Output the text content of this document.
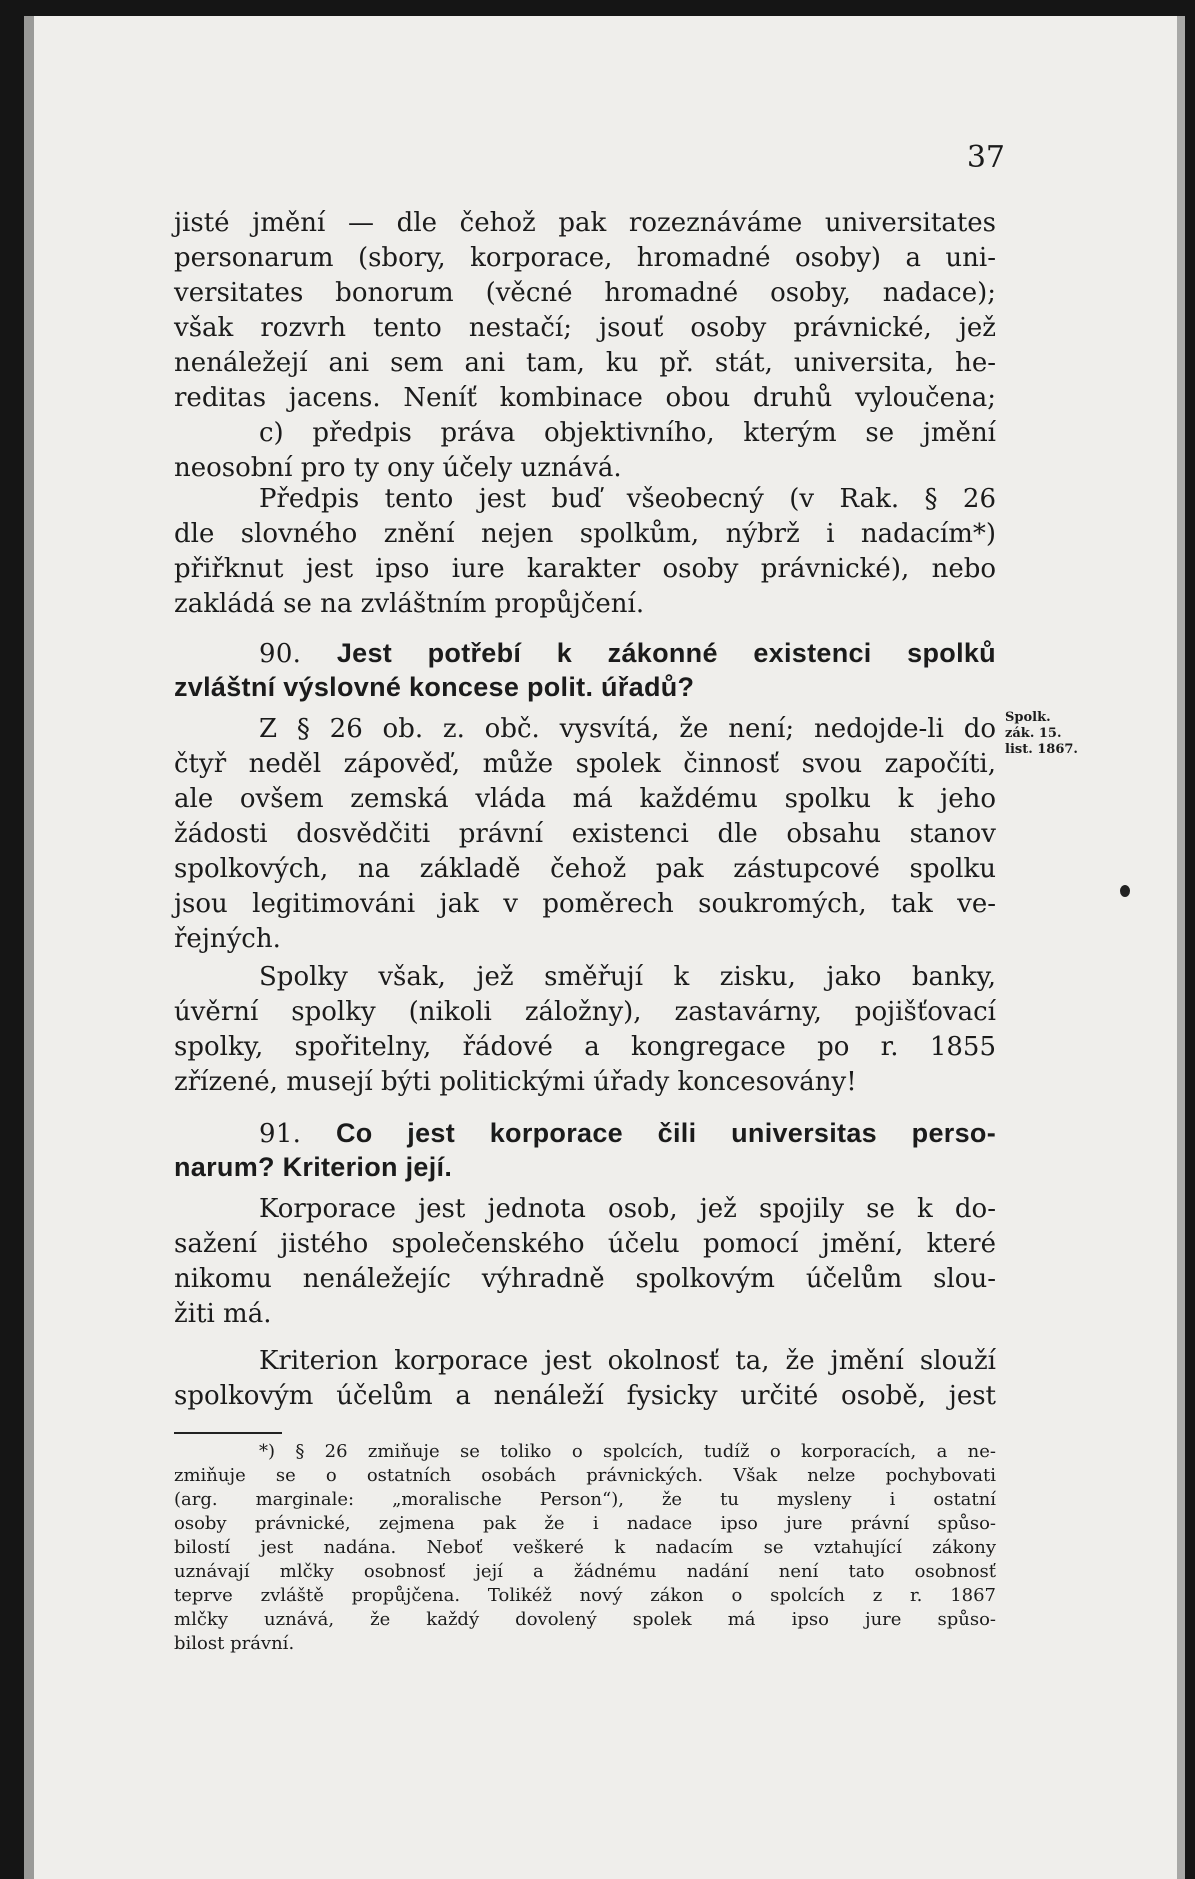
37
jisté jmění — dle čehož pak rozeznáváme universitates
personarum (sbory, korporace, hromadné osoby) a uni-
versitates bonorum (věcné hromadné osoby, nadace);
však rozvrh tento nestačí; jsouť osoby právnické, jež
nenáležejí ani sem ani tam, ku př. stát, universita, he-
reditas jacens. Neníť kombinace obou druhů vyloučena;
c) předpis práva objektivního, kterým se jmění
neosobní pro ty ony účely uznává.
Předpis tento jest buď všeobecný (v Rak. § 26
dle slovného znění nejen spolkům, nýbrž i nadacím*)
přiřknut jest ipso iure karakter osoby právnické), nebo
zakládá se na zvláštním propůjčení.
90. Jest potřebí k zákonné existenci spolků
zvláštní výslovné koncese polit. úřadů?
Z § 26 ob. z. obč. vysvítá, že není; nedojde-li do
čtyř neděl zápověď, může spolek činnosť svou započíti,
ale ovšem zemská vláda má každému spolku k jeho
žádosti dosvědčiti právní existenci dle obsahu stanov
spolkových, na základě čehož pak zástupcové spolku
jsou legitimováni jak v poměrech soukromých, tak ve-
řejných.
Spolk.
zák. 15.
list. 1867.
Spolky však, jež směřují k zisku, jako banky,
úvěrní spolky (nikoli záložny), zastavárny, pojišťovací
spolky, spořitelny, řádové a kongregace po r. 1855
zřízené, musejí býti politickými úřady koncesovány!
91. Co jest korporace čili universitas perso-
narum? Kriterion její.
Korporace jest jednota osob, jež spojily se k do-
sažení jistého společenského účelu pomocí jmění, které
nikomu nenáležejíc výhradně spolkovým účelům slou-
žiti má.
Kriterion korporace jest okolnosť ta, že jmění slouží
spolkovým účelům a nenáleží fysicky určité osobě, jest
*) § 26 zmiňuje se toliko o spolcích, tudíž o korporacích, a ne-
zmiňuje se o ostatních osobách právnických. Však nelze pochybovati
(arg. marginale: „moralische Person“), že tu mysleny i ostatní
osoby právnické, zejmena pak že i nadace ipso jure právní spůso-
bilostí jest nadána. Neboť veškeré k nadacím se vztahující zákony
uznávají mlčky osobnosť její a žádnému nadání není tato osobnosť
teprve zvláště propůjčena. Tolikéž nový zákon o spolcích z r. 1867
mlčky uznává, že každý dovolený spolek má ipso jure spůso-
bilost právní.
